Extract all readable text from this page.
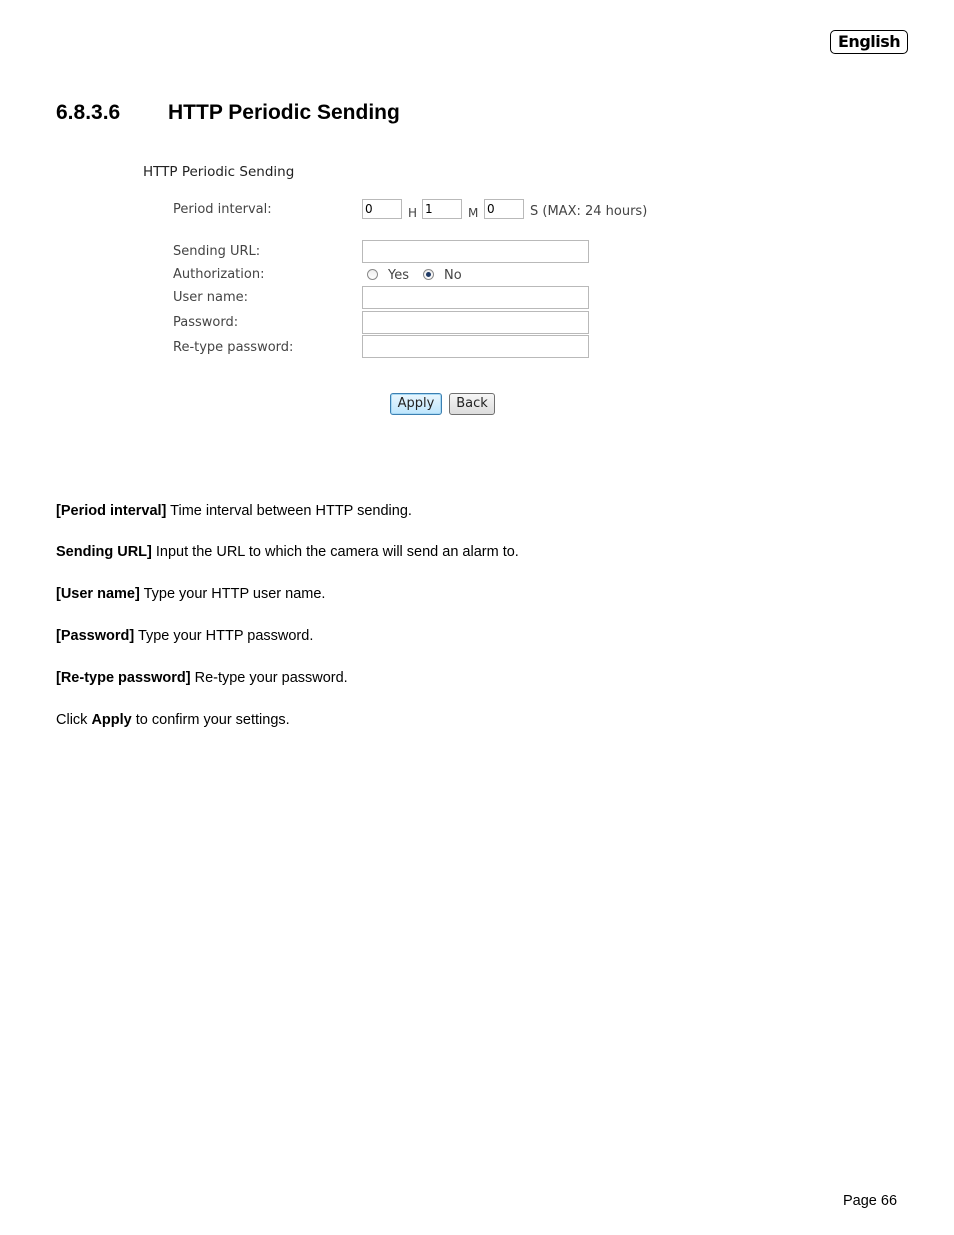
English
6.8.3.6 HTTP Periodic Sending
HTTP Periodic Sending
Period interval:	0	H 1	M 0	S (MAX: 24 hours)
Sending URL:
Authorization:	Yes	No
User name:
Password:
Re-type password:
Apply	Back
[Period interval] Time interval between HTTP sending.
Sending URL] Input the URL to which the camera will send an alarm to.
[User name] Type your HTTP user name.
[Password] Type your HTTP password.
[Re-type password] Re-type your password.
Click Apply to confirm your settings.
Page 66
